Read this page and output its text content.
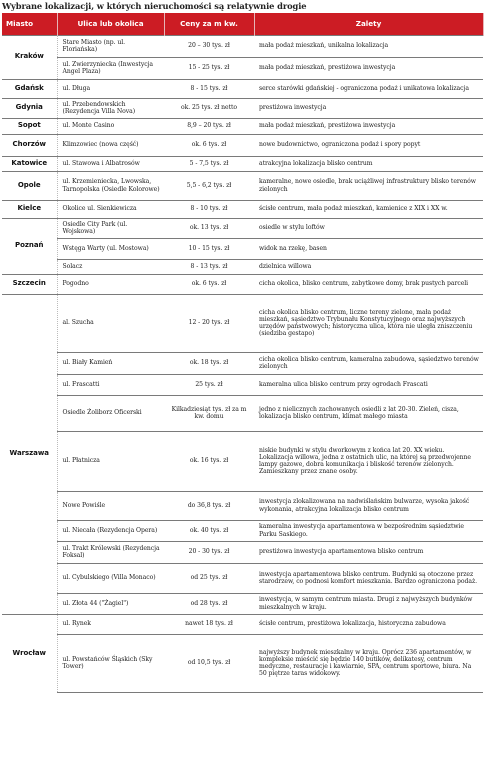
Wybrane lokalizacji, w których nieruchomości są relatywnie drogie
Miasto	Ulica lub okolica	Ceny za m kw.	Zalety
Kraków	Stare Miasto (np. ul. Floriańska)	20 – 30 tys. zł	mała podaż mieszkań, unikalna lokalizacja
	ul. Zwierzyniecka (Inwestycja Angel Plaza)	15 - 25 tys. zł	mała podaż mieszkań, prestiżowa inwestycja
Gdańsk	ul. Długa	8 - 15 tys. zł	serce starówki gdańskiej - ograniczona podaż i unikatowa lokalizacja
Gdynia	ul. Przebendowskich (Rezydencja Villa Nova)	ok. 25 tys. zł netto	prestiżowa inwestycja
Sopot	ul. Monte Casino	8,9 – 20 tys. zł	mała podaż mieszkań, prestiżowa inwestycja
Chorzów	Klimzowiec (nowa część)	ok. 6 tys. zł	nowe budownictwo, ograniczona podaż i spory popyt
Katowice	ul. Stawowa i Albatrosów	5 - 7,5 tys. zł	atrakcyjna lokalizacja blisko centrum
Opole	ul. Krzemieniecka, Lwowska, Tarnopolska (Osiedle Kolorowe)	5,5 - 6,2 tys. zł	kameralne, nowe osiedle, brak uciążliwej infrastruktury blisko terenów zielonych
Kielce	Okolice ul. Sienkiewicza	8 - 10 tys. zł	ścisłe centrum, mała podaż mieszkań, kamienice z XIX i XX w.
Poznań	Osiedle City Park (ul. Wojskowa)	ok. 13 tys. zł	osiedle w stylu loftów
	Wstęga Warty (ul. Mostowa)	10 - 15 tys. zł	widok na rzekę, basen
	Solacz	8 - 13 tys. zł	dzielnica willowa
Szczecin	Pogodno	ok. 6 tys. zł	cicha okolica, blisko centrum, zabytkowe domy, brak pustych parceli
Warszawa	al. Szucha	12 - 20 tys. zł	cicha okolica blisko centrum, liczne tereny zielone, mała podaż mieszkań, sąsiedztwo Trybunału Konstytucyjnego oraz najwyższych urzędów państwowych; historyczna ulica, która nie uległa zniszczeniu (siedziba gestapo)
	ul. Biały Kamień	ok. 18 tys. zł	cicha okolica blisko centrum, kameralna zabudowa, sąsiedztwo terenów zielonych
	ul. Frascatti	25 tys. zł	kameralna ulica blisko centrum przy ogrodach Frascati
	Osiedle Żoliborz Oficerski	Kilkadziesiąt tys. zł za m kw. domu	jedno z nielicznych zachowanych osiedli z lat 20-30. Zieleń, cisza, lokalizacja blisko centrum, klimat małego miasta
	ul. Płatnicza	ok. 16 tys. zł	niskie budynki w stylu dworkowym z końca lat 20. XX wieku. Lokalizacja willowa, jedna z ostatnich ulic, na której są przedwojenne lampy gazowe, dobra komunikacja i bliskość terenów zielonych. Zamieszkany przez znane osoby.
	Nowe Powiśle	do 36,8 tys. zł	inwestycja zlokalizowana na nadwiślańskim bulwarze, wysoka jakość wykonania, atrakcyjna lokalizacja blisko centrum
	ul. Niecała (Rezydencja Opera)	ok. 40 tys. zł	kameralna inwestycja apartamentowa w bezpośrednim sąsiedztwie Parku Saskiego.
	ul. Trakt Królewski (Rezydencja Foksal)	20 - 30 tys. zł	prestiżowa inwestycja apartamentowa blisko centrum
	ul. Cybulskiego (Villa Monaco)	od 25 tys. zł	inwestycja apartamentowa blisko centrum. Budynki są otoczone przez starodrzew, co podnosi komfort mieszkania. Bardzo ograniczona podaż.
	ul. Złota 44 ("Żagiel")	od 28 tys. zł	inwestycja, w samym centrum miasta. Drugi z najwyższych budynków mieszkalnych w kraju.
Wrocław	ul. Rynek	nawet 18 tys. zł	ścisłe centrum, prestiżowa lokalizacja, historyczna zabudowa
	ul. Powstańców Śląskich (Sky Tower)	od 10,5 tys. zł	najwyższy budynek mieszkalny w kraju. Oprócz 236 apartamentów, w kompleksie mieścić się będzie 140 butików, delikatesy, centrum medyczne, restauracje i kawiarnie, SPA, centrum sportowe, biura. Na 50 piętrze taras widokowy.
